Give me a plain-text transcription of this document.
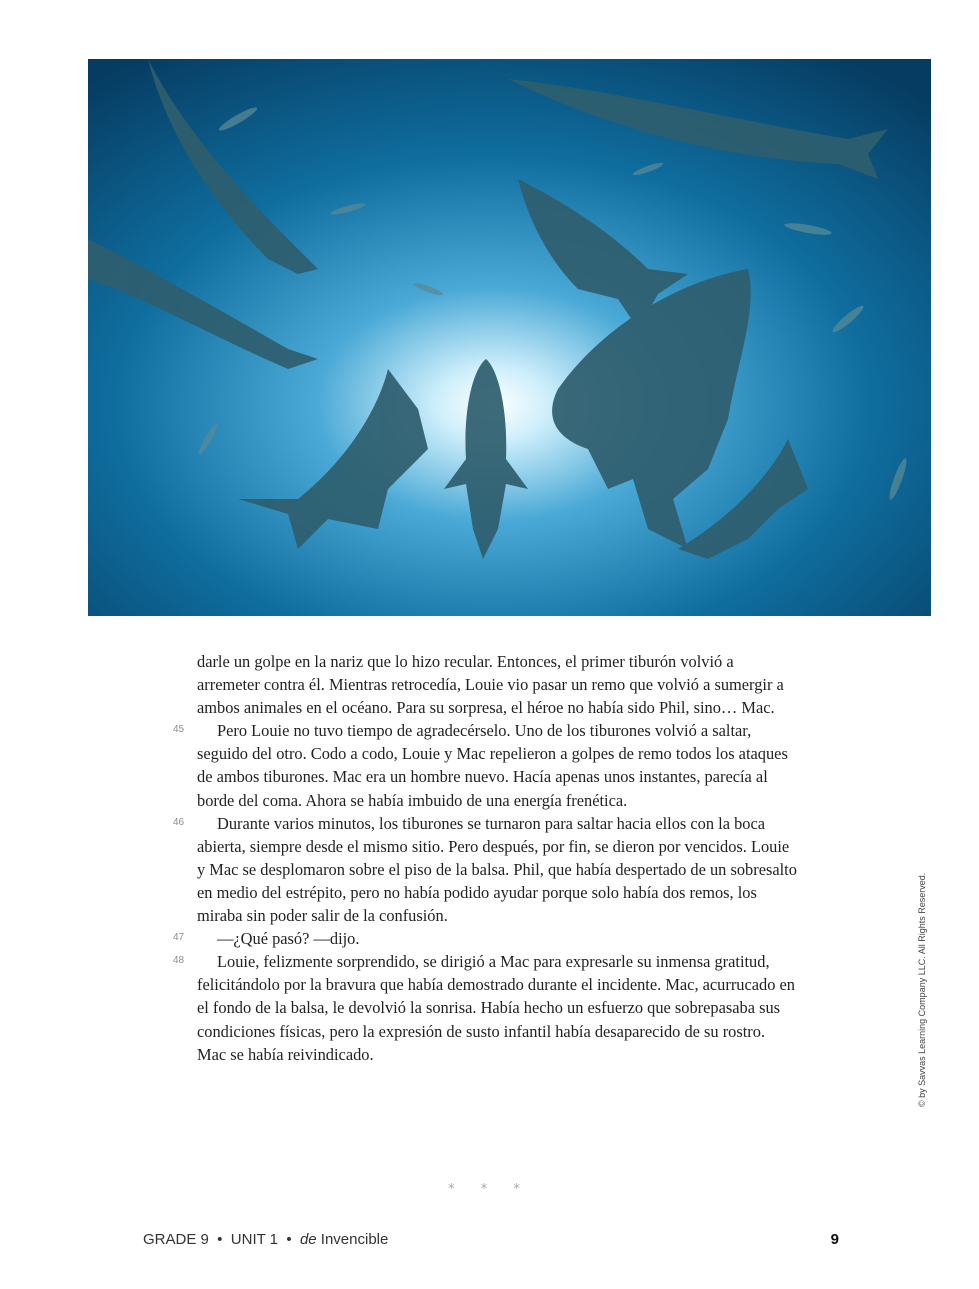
darle un golpe en la nariz que lo hizo recular. Entonces, el primer tiburón volvió a arremeter contra él. Mientras retrocedía, Louie vio pasar un remo que volvió a sumergir a ambos animales en el océano. Para su sorpresa, el héroe no había sido Phil, sino… Mac.

45	Pero Louie no tuvo tiempo de agradecérselo. Uno de los tiburones volvió a saltar, seguido del otro. Codo a codo, Louie y Mac repelieron a golpes de remo todos los ataques de ambos tiburones. Mac era un hombre nuevo. Hacía apenas unos instantes, parecía al borde del coma. Ahora se había imbuido de una energía frenética.

46	Durante varios minutos, los tiburones se turnaron para saltar hacia ellos con la boca abierta, siempre desde el mismo sitio. Pero después, por fin, se dieron por vencidos. Louie y Mac se desplomaron sobre el piso de la balsa. Phil, que había despertado de un sobresalto en medio del estrépito, pero no había podido ayudar porque solo había dos remos, los miraba sin poder salir de la confusión.

47	—¿Qué pasó? —dijo.

48	Louie, felizmente sorprendido, se dirigió a Mac para expresarle su inmensa gratitud, felicitándolo por la bravura que había demostrado durante el incidente. Mac, acurrucado en el fondo de la balsa, le devolvió la sonrisa. Había hecho un esfuerzo que sobrepasaba sus condiciones físicas, pero la expresión de susto infantil había desaparecido de su rostro. Mac se había reivindicado.

* * *
GRADE 9  •  UNIT 1  •  de Invencible	9
© by Savvas Learning Company LLC. All Rights Reserved.
